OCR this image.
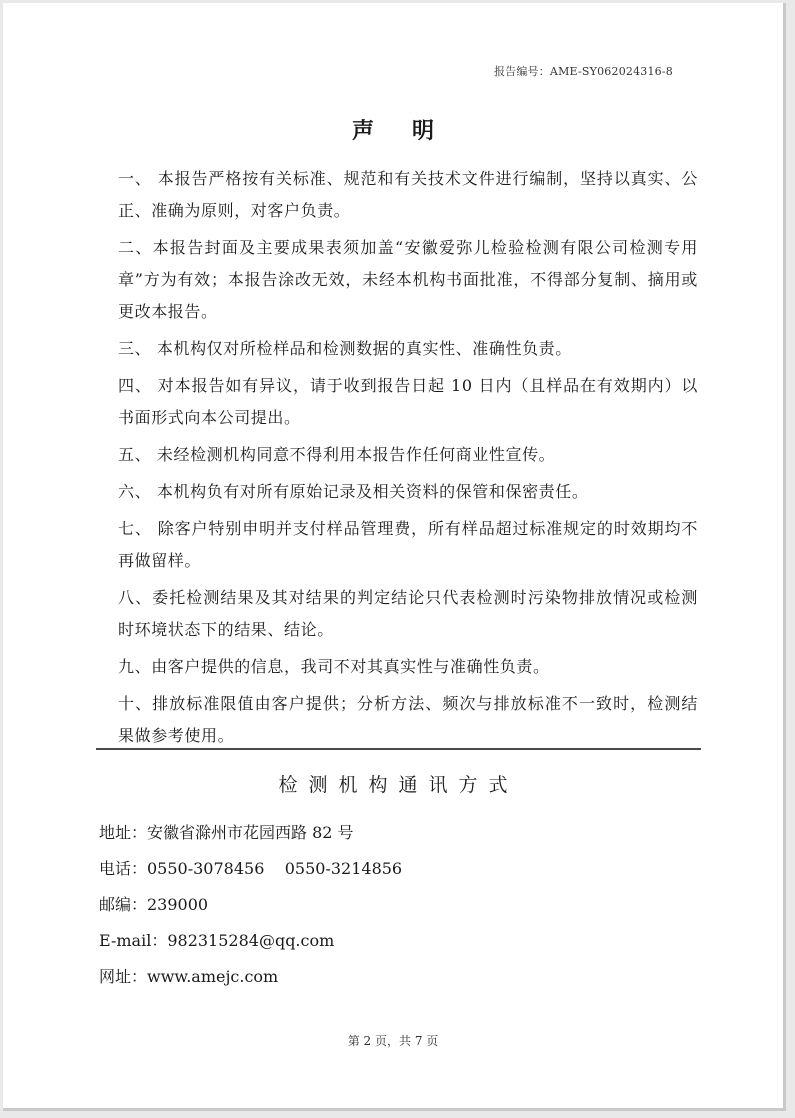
报告编号：AME-SY062024316-8
声明
一、 本报告严格按有关标准、规范和有关技术文件进行编制，坚持以真实、公正、准确为原则，对客户负责。
二、本报告封面及主要成果表须加盖“安徽爱弥儿检验检测有限公司检测专用章”方为有效；本报告涂改无效，未经本机构书面批准，不得部分复制、摘用或更改本报告。
三、 本机构仅对所检样品和检测数据的真实性、准确性负责。
四、 对本报告如有异议，请于收到报告日起 10 日内（且样品在有效期内）以书面形式向本公司提出。
五、 未经检测机构同意不得利用本报告作任何商业性宣传。
六、 本机构负有对所有原始记录及相关资料的保管和保密责任。
七、 除客户特别申明并支付样品管理费，所有样品超过标准规定的时效期均不再做留样。
八、委托检测结果及其对结果的判定结论只代表检测时污染物排放情况或检测时环境状态下的结果、结论。
九、由客户提供的信息，我司不对其真实性与准确性负责。
十、排放标准限值由客户提供；分析方法、频次与排放标准不一致时，检测结果做参考使用。
检测机构通讯方式
地址：安徽省滁州市花园西路 82 号
电话：0550-3078456    0550-3214856
邮编：239000
E-mail：982315284@qq.com
网址：www.amejc.com
第 2 页，共 7 页
